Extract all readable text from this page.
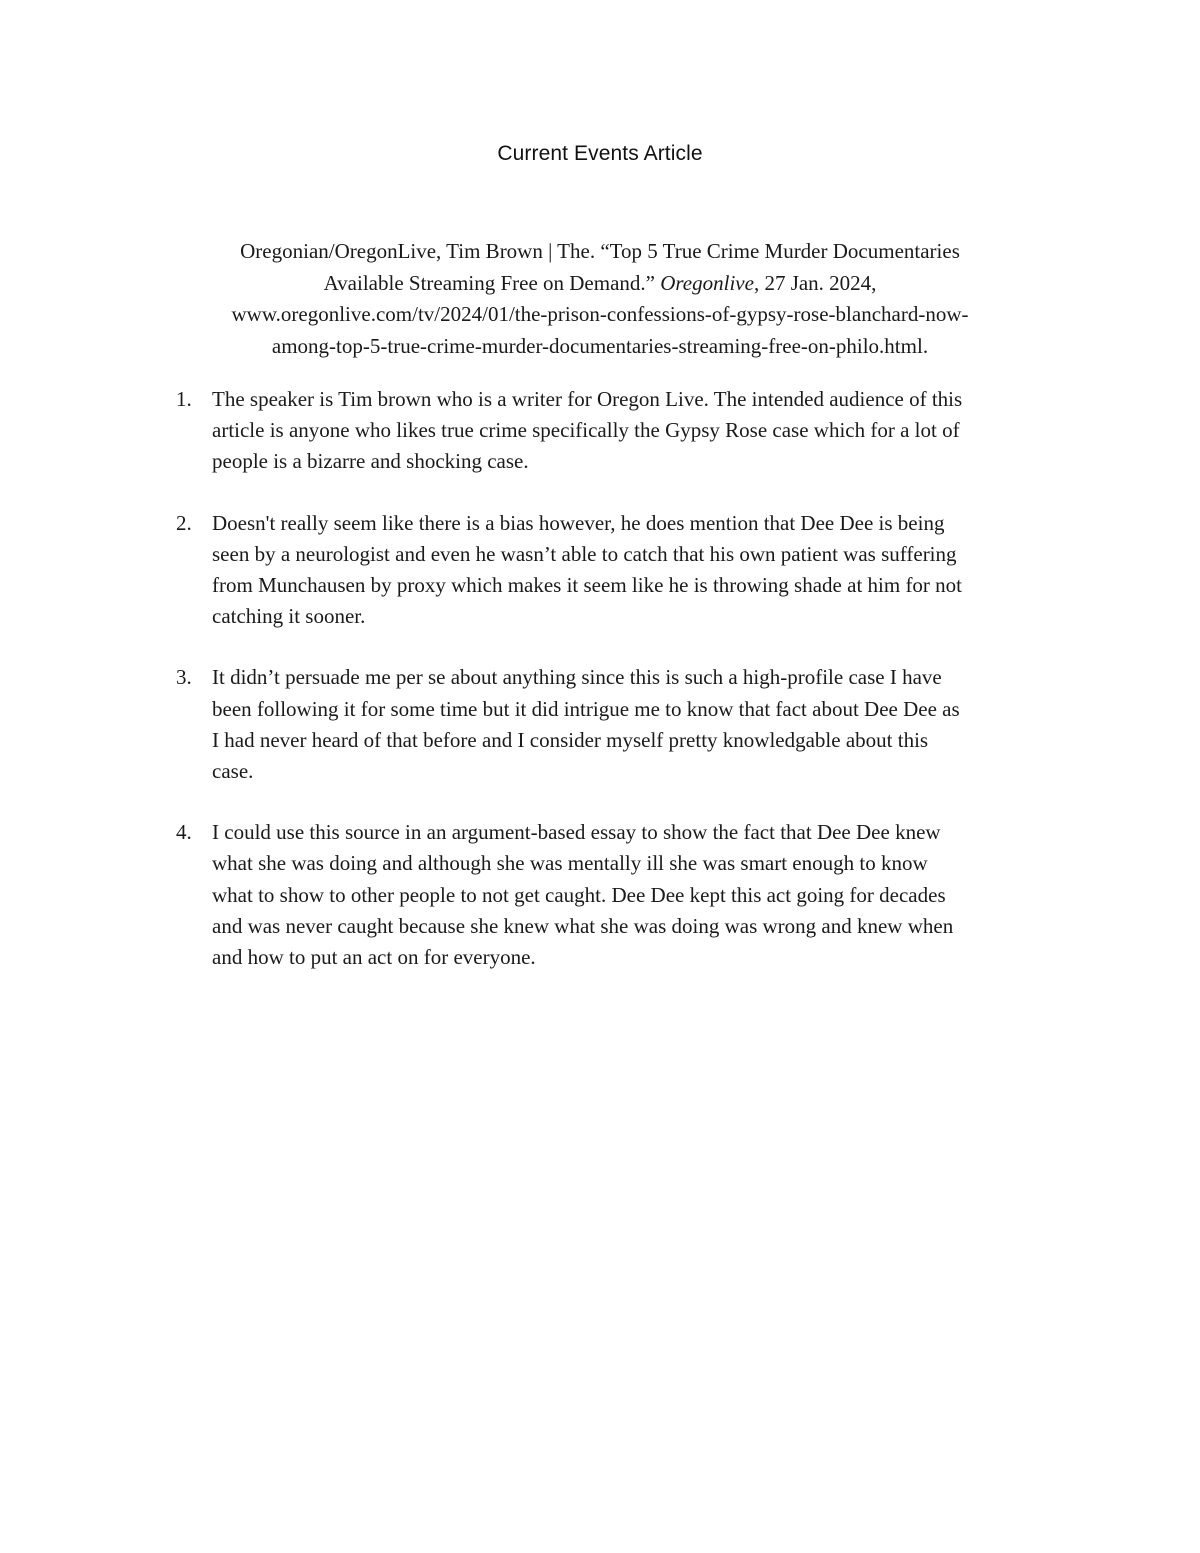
Current Events Article
Oregonian/OregonLive, Tim Brown | The. “Top 5 True Crime Murder Documentaries
Available Streaming Free on Demand.” Oregonlive, 27 Jan. 2024,
www.oregonlive.com/tv/2024/01/the-prison-confessions-of-gypsy-rose-blanchard-now-
among-top-5-true-crime-murder-documentaries-streaming-free-on-philo.html.
1. The speaker is Tim brown who is a writer for Oregon Live. The intended audience of this
article is anyone who likes true crime specifically the Gypsy Rose case which for a lot of
people is a bizarre and shocking case.
2. Doesn't really seem like there is a bias however, he does mention that Dee Dee is being
seen by a neurologist and even he wasn’t able to catch that his own patient was suffering
from Munchausen by proxy which makes it seem like he is throwing shade at him for not
catching it sooner.
3. It didn’t persuade me per se about anything since this is such a high-profile case I have
been following it for some time but it did intrigue me to know that fact about Dee Dee as
I had never heard of that before and I consider myself pretty knowledgable about this
case.
4. I could use this source in an argument-based essay to show the fact that Dee Dee knew
what she was doing and although she was mentally ill she was smart enough to know
what to show to other people to not get caught. Dee Dee kept this act going for decades
and was never caught because she knew what she was doing was wrong and knew when
and how to put an act on for everyone.
